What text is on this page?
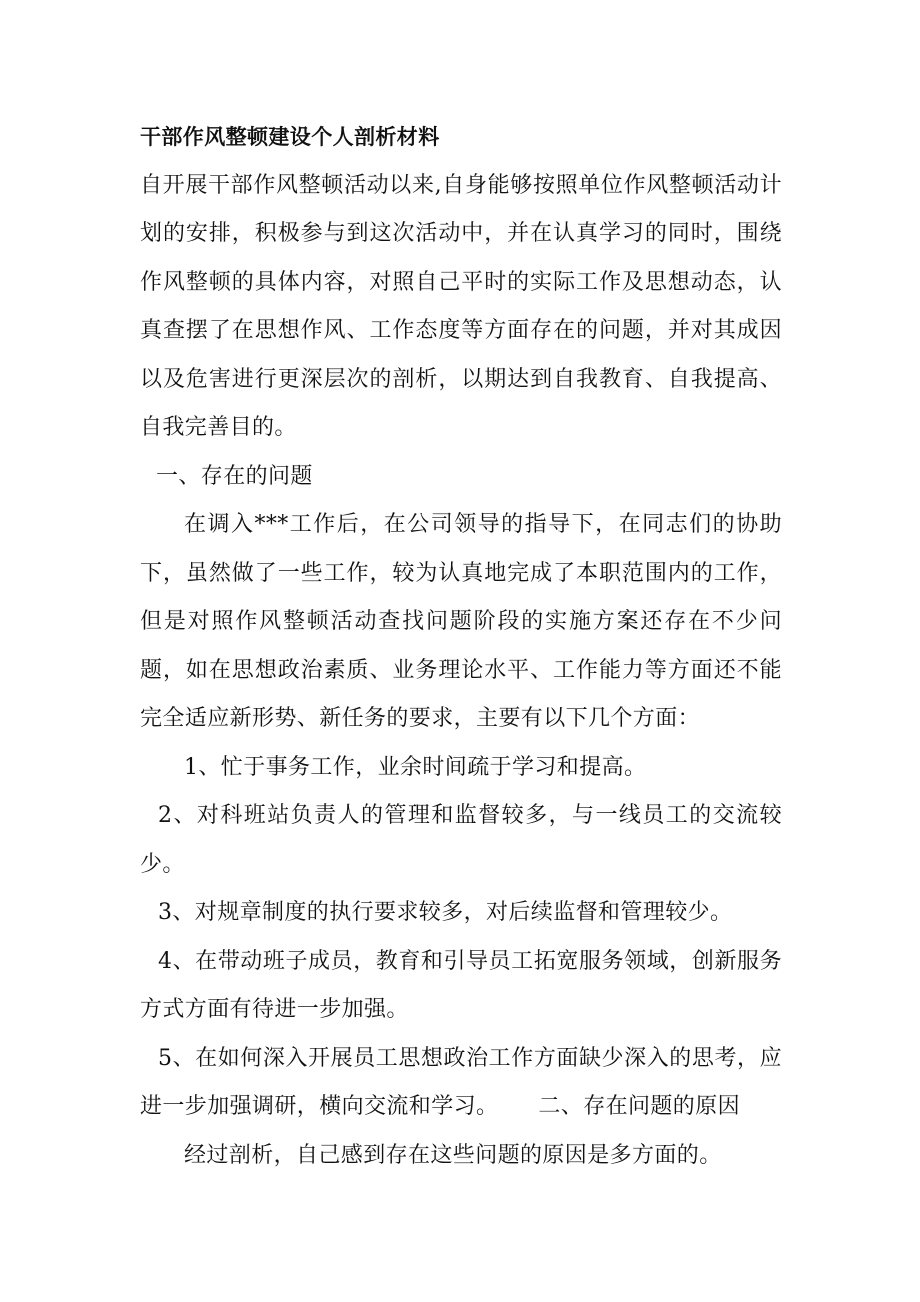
干部作风整顿建设个人剖析材料

自开展干部作风整顿活动以来,自身能够按照单位作风整顿活动计划的安排，积极参与到这次活动中，并在认真学习的同时，围绕作风整顿的具体内容，对照自己平时的实际工作及思想动态，认真查摆了在思想作风、工作态度等方面存在的问题，并对其成因以及危害进行更深层次的剖析，以期达到自我教育、自我提高、自我完善目的。

一、存在的问题

在调入***工作后，在公司领导的指导下，在同志们的协助下，虽然做了一些工作，较为认真地完成了本职范围内的工作，但是对照作风整顿活动查找问题阶段的实施方案还存在不少问题，如在思想政治素质、业务理论水平、工作能力等方面还不能完全适应新形势、新任务的要求，主要有以下几个方面：

1、忙于事务工作，业余时间疏于学习和提高。

2、对科班站负责人的管理和监督较多，与一线员工的交流较少。

3、对规章制度的执行要求较多，对后续监督和管理较少。

4、在带动班子成员，教育和引导员工拓宽服务领域，创新服务方式方面有待进一步加强。

5、在如何深入开展员工思想政治工作方面缺少深入的思考，应进一步加强调研，横向交流和学习。 二、存在问题的原因

经过剖析，自己感到存在这些问题的原因是多方面的。
